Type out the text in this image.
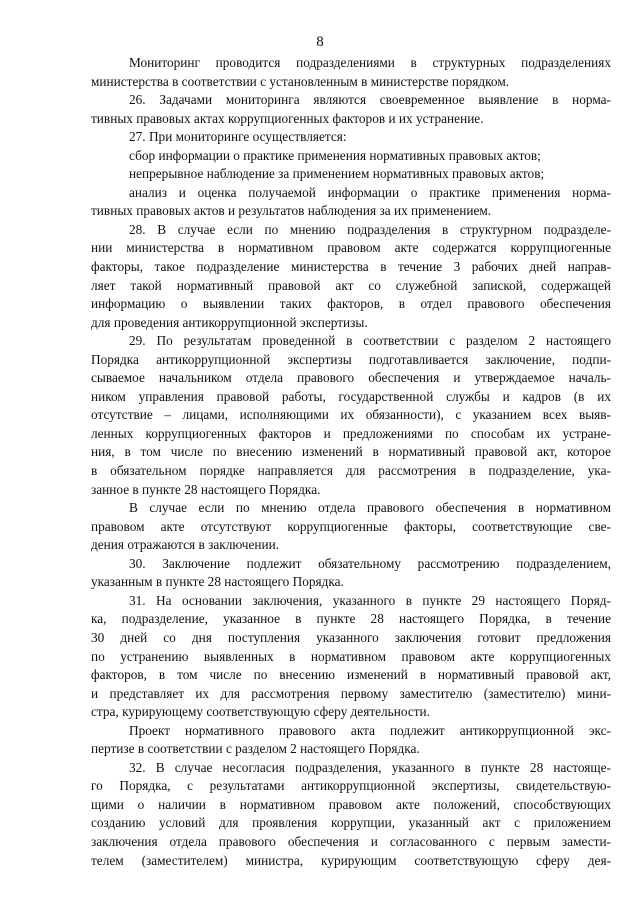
8
Мониторинг проводится подразделениями в структурных подразделениях
министерства в соответствии с установленным в министерстве порядком.
26. Задачами мониторинга являются своевременное выявление в норма-
тивных правовых актах коррупциогенных факторов и их устранение.
27. При мониторинге осуществляется:
сбор информации о практике применения нормативных правовых актов;
непрерывное наблюдение за применением нормативных правовых актов;
анализ и оценка получаемой информации о практике применения норма-
тивных правовых актов и результатов наблюдения за их применением.
28. В случае если по мнению подразделения в структурном подразделе-
нии министерства в нормативном правовом акте содержатся коррупциогенные
факторы, такое подразделение министерства в течение 3 рабочих дней направ-
ляет такой нормативный правовой акт со служебной запиской, содержащей
информацию о выявлении таких факторов, в отдел правового обеспечения
для проведения антикоррупционной экспертизы.
29. По результатам проведенной в соответствии с разделом 2 настоящего
Порядка антикоррупционной экспертизы подготавливается заключение, подпи-
сываемое начальником отдела правового обеспечения и утверждаемое началь-
ником управления правовой работы, государственной службы и кадров (в их
отсутствие – лицами, исполняющими их обязанности), с указанием всех выяв-
ленных коррупциогенных факторов и предложениями по способам их устране-
ния, в том числе по внесению изменений в нормативный правовой акт, которое
в обязательном порядке направляется для рассмотрения в подразделение, ука-
занное в пункте 28 настоящего Порядка.
В случае если по мнению отдела правового обеспечения в нормативном
правовом акте отсутствуют коррупциогенные факторы, соответствующие све-
дения отражаются в заключении.
30. Заключение подлежит обязательному рассмотрению подразделением,
указанным в пункте 28 настоящего Порядка.
31. На основании заключения, указанного в пункте 29 настоящего Поряд-
ка, подразделение, указанное в пункте 28 настоящего Порядка, в течение
30 дней со дня поступления указанного заключения готовит предложения
по устранению выявленных в нормативном правовом акте коррупциогенных
факторов, в том числе по внесению изменений в нормативный правовой акт,
и представляет их для рассмотрения первому заместителю (заместителю) мини-
стра, курирующему соответствующую сферу деятельности.
Проект нормативного правового акта подлежит антикоррупционной экс-
пертизе в соответствии с разделом 2 настоящего Порядка.
32. В случае несогласия подразделения, указанного в пункте 28 настояще-
го Порядка, с результатами антикоррупционной экспертизы, свидетельствую-
щими о наличии в нормативном правовом акте положений, способствующих
созданию условий для проявления коррупции, указанный акт с приложением
заключения отдела правового обеспечения и согласованного с первым замести-
телем (заместителем) министра, курирующим соответствующую сферу дея-
